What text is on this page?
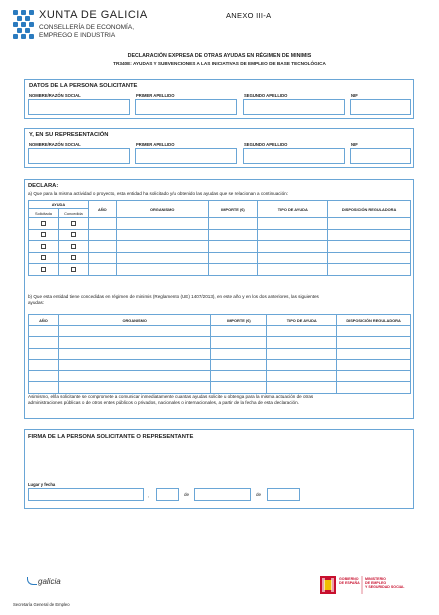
XUNTA DE GALICIA
CONSELLERÍA DE ECONOMÍA,
EMPREGO E INDUSTRIA
ANEXO III-A
DECLARACIÓN EXPRESA DE OTRAS AYUDAS EN RÉGIMEN DE MINIMIS
TR340E: AYUDAS Y SUBVENCIONES A LAS INICIATIVAS DE EMPLEO DE BASE TECNOLÓGICA
DATOS DE LA PERSONA SOLICITANTE
NOMBRE/RAZÓN SOCIAL	PRIMER APELLIDO	SEGUNDO APELLIDO	NIF
Y, EN SU REPRESENTACIÓN
NOMBRE/RAZÓN SOCIAL	PRIMER APELLIDO	SEGUNDO APELLIDO	NIF
DECLARA:
a) Que para la misma actividad o proyecto, esta entidad ha solicitado y/u obtenido las ayudas que se relacionan a continuación:
AYUDA		AÑO	ORGANISMO	IMPORTE (€)	TIPO DE AYUDA	DISPOSICIÓN REGULADORA
Solicitada	Concedida					

b) Que esta entidad tiene concedidas en régimen de minimis (Reglamento (UE) 1407/2013), en este año y en los dos anteriores, las siguientes
ayudas:
AÑO	ORGANISMO	IMPORTE (€)	TIPO DE AYUDA	DISPOSICIÓN REGULADORA

Asimismo, el/la solicitante se compromete a comunicar inmediatamente cuantas ayudas solicite u obtenga para la misma actuación de otras
administraciones públicas o de otros entes públicos o privados, nacionales o internacionales, a partir de la fecha de esta declaración.
FIRMA DE LA PERSONA SOLICITANTE O REPRESENTANTE
Lugar y fecha
,	de	de
galicia	GOBIERNO
DE ESPAÑA
MINISTERIO
DE EMPLEO
Y SEGURIDAD SOCIAL
Secretaría General de Empleo
